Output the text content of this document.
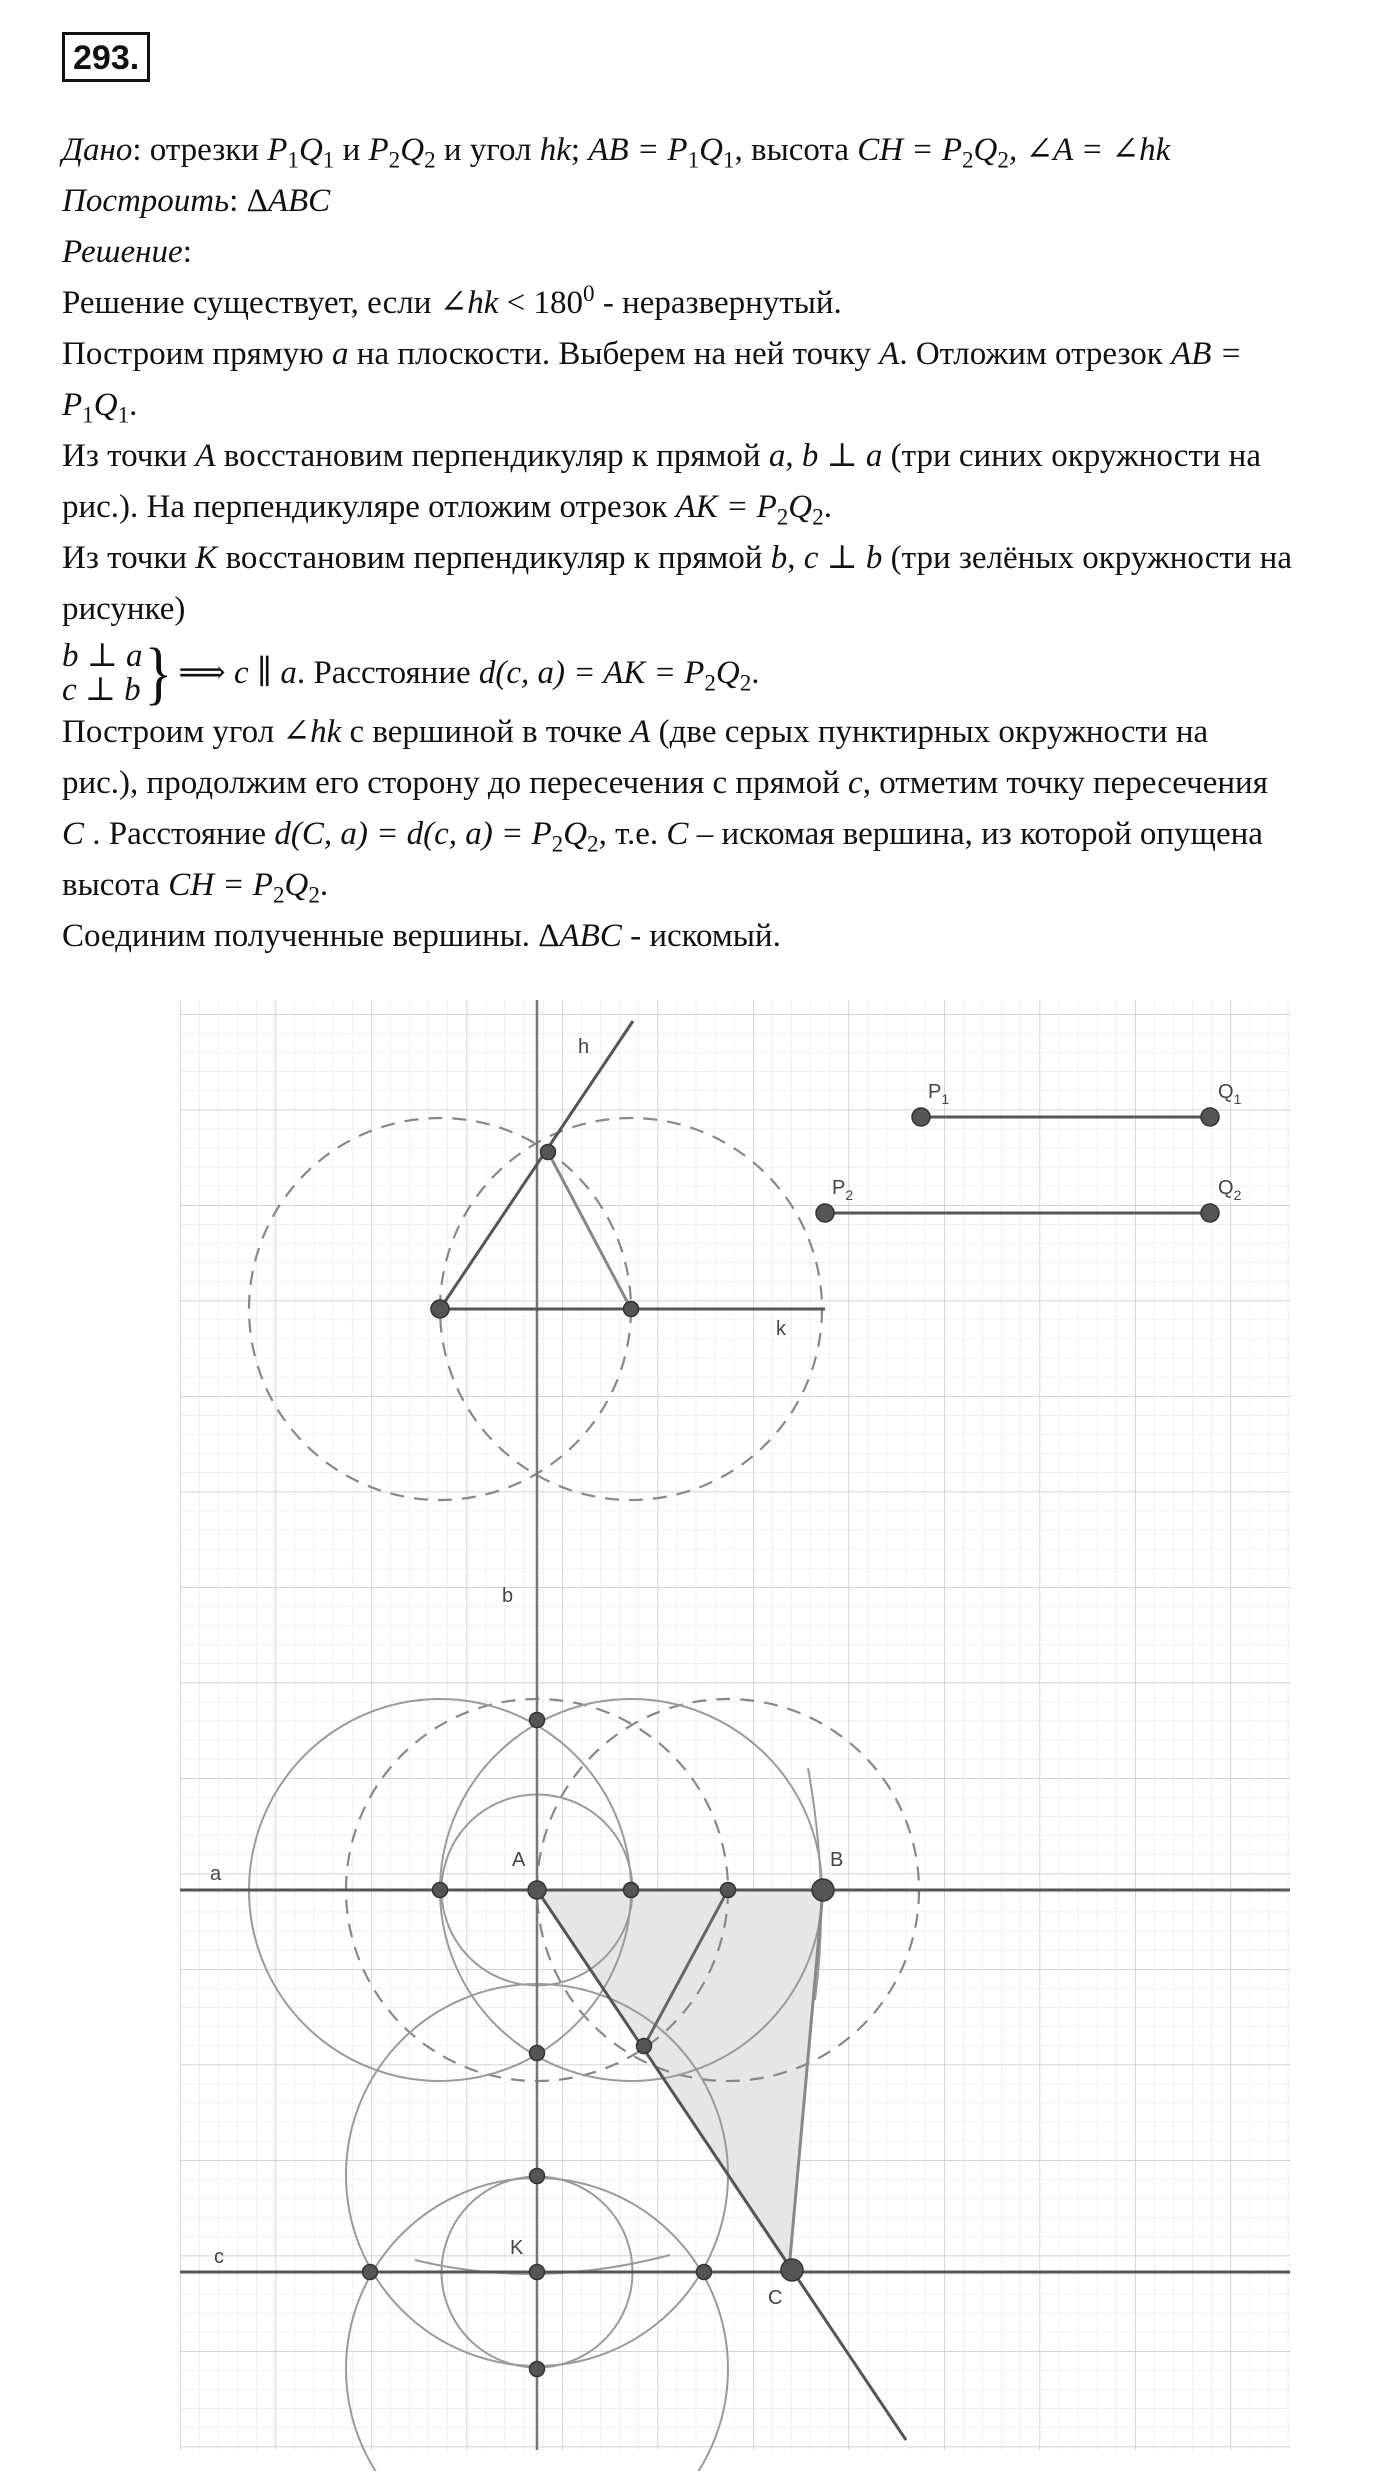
293.
Дано: отрезки $P_1Q_1$ и $P_2Q_2$ и угол hk; AB = $P_1Q_1$, высота CH = $P_2Q_2$, ∠A = ∠hk
Построить: ΔABC
Решение:
Решение существует, если ∠hk < $180^0$ - неразвернутый.
Построим прямую a на плоскости. Выберем на ней точку A. Отложим отрезок AB =
$P_1Q_1$.
Из точки A восстановим перпендикуляр к прямой a, b ⊥ a (три синих окружности на
рис.). На перпендикуляре отложим отрезок AK = $P_2Q_2$.
Из точки K восстановим перпендикуляр к прямой b, c ⊥ b (три зелёных окружности на
рисунке)
b ⊥ a
c ⊥ b}⟹ c ∥ a. Расстояние d(c, a) = AK = $P_2Q_2$.
Построим угол ∠hk с вершиной в точке A (две серых пунктирных окружности на
рис.), продолжим его сторону до пересечения с прямой c, отметим точку пересечения
C . Расстояние d(C, a) = d(c, $a) = P_2Q_2$, т.е. C – искомая вершина, из которой опущена
высота CH = $P_2Q_2$.
Соединим полученные вершины. ΔABC - искомый.
h
k
b
a
c
A	B
C
K
$P_1$	$Q_1$
$P_2$	$Q_2$
